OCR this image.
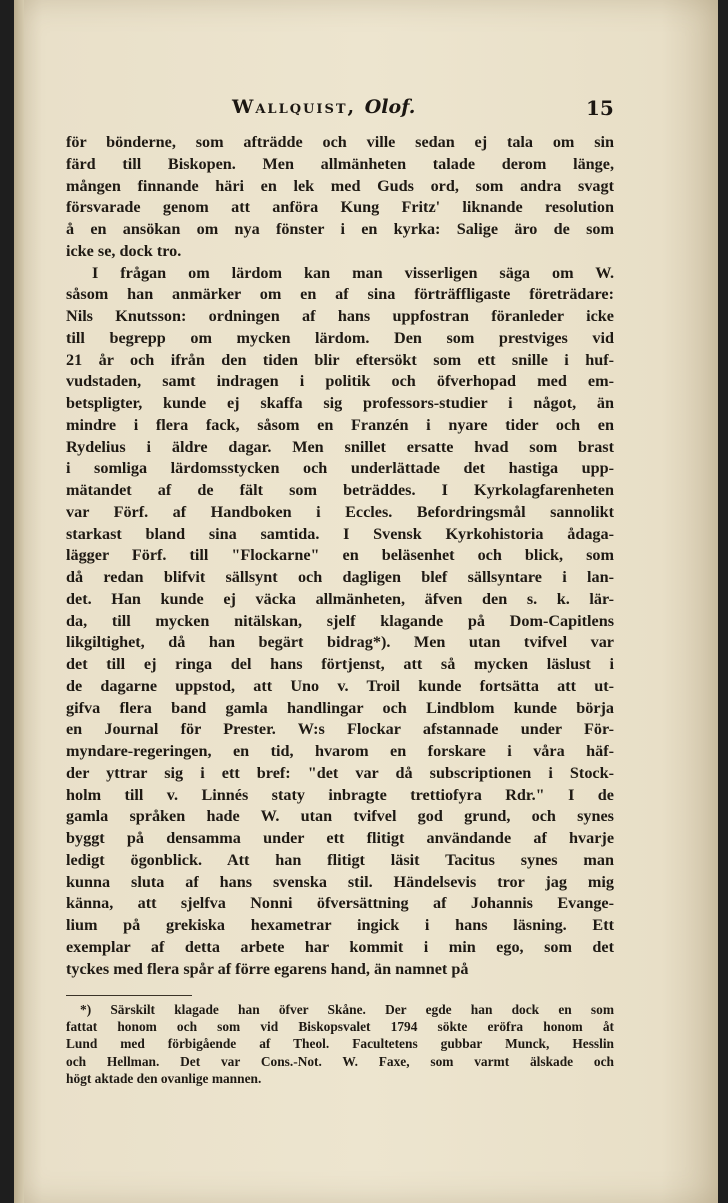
Wallquist, Olof.	15
för bönderne, som afträdde och ville sedan ej tala om sin
färd till Biskopen. Men allmänheten talade derom länge,
mången finnande häri en lek med Guds ord, som andra svagt
försvarade genom att anföra Kung Fritz' liknande resolution
å en ansökan om nya fönster i en kyrka: Salige äro de som
icke se, dock tro.
I frågan om lärdom kan man visserligen säga om W.
såsom han anmärker om en af sina förträffligaste företrädare:
Nils Knutsson: ordningen af hans uppfostran föranleder icke
till begrepp om mycken lärdom. Den som prestviges vid
21 år och ifrån den tiden blir eftersökt som ett snille i huf-
vudstaden, samt indragen i politik och öfverhopad med em-
betspligter, kunde ej skaffa sig professors-studier i något, än
mindre i flera fack, såsom en Franzén i nyare tider och en
Rydelius i äldre dagar. Men snillet ersatte hvad som brast
i somliga lärdomsstycken och underlättade det hastiga upp-
mätandet af de fält som beträddes. I Kyrkolagfarenheten
var Förf. af Handboken i Eccles. Befordringsmål sannolikt
starkast bland sina samtida. I Svensk Kyrkohistoria ådaga-
lägger Förf. till "Flockarne" en beläsenhet och blick, som
då redan blifvit sällsynt och dagligen blef sällsyntare i lan-
det. Han kunde ej väcka allmänheten, äfven den s. k. lär-
da, till mycken nitälskan, sjelf klagande på Dom-Capitlens
likgiltighet, då han begärt bidrag*). Men utan tvifvel var
det till ej ringa del hans förtjenst, att så mycken läslust i
de dagarne uppstod, att Uno v. Troil kunde fortsätta att ut-
gifva flera band gamla handlingar och Lindblom kunde börja
en Journal för Prester. W:s Flockar afstannade under För-
myndare-regeringen, en tid, hvarom en forskare i våra häf-
der yttrar sig i ett bref: "det var då subscriptionen i Stock-
holm till v. Linnés staty inbragte trettiofyra Rdr." I de
gamla språken hade W. utan tvifvel god grund, och synes
byggt på densamma under ett flitigt användande af hvarje
ledigt ögonblick. Att han flitigt läsit Tacitus synes man
kunna sluta af hans svenska stil. Händelsevis tror jag mig
känna, att sjelfva Nonni öfversättning af Johannis Evange-
lium på grekiska hexametrar ingick i hans läsning. Ett
exemplar af detta arbete har kommit i min ego, som det
tyckes med flera spår af förre egarens hand, än namnet på
*) Särskilt klagade han öfver Skåne. Der egde han dock en som
fattat honom och som vid Biskopsvalet 1794 sökte eröfra honom åt
Lund med förbigående af Theol. Facultetens gubbar Munck, Hesslin
och Hellman. Det var Cons.-Not. W. Faxe, som varmt älskade och
högt aktade den ovanlige mannen.
